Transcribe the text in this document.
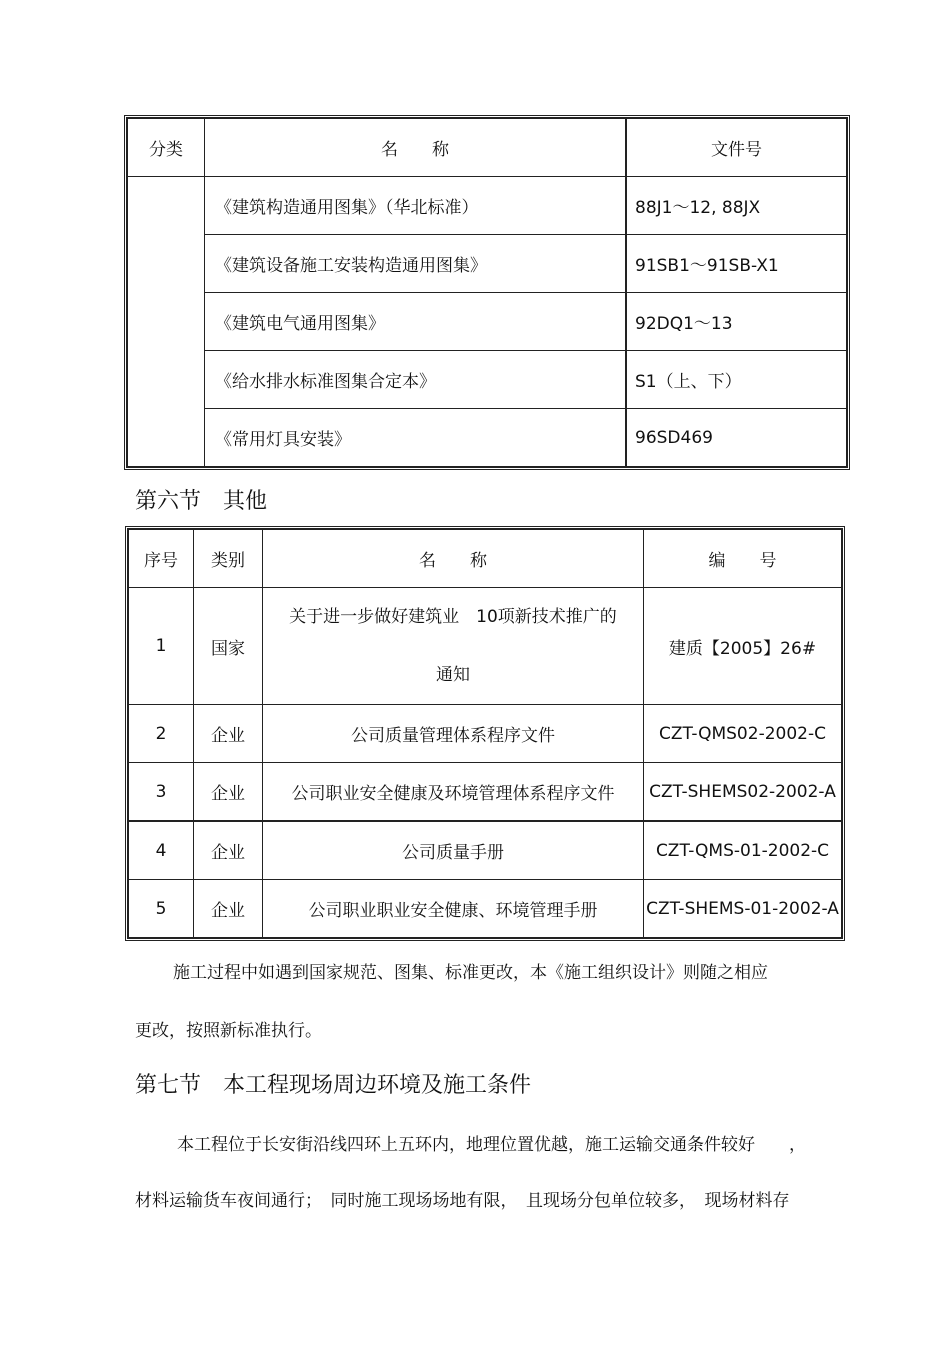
分类	名　　称	文件号
	《建筑构造通用图集》（华北标准）	88J1～12, 88JX
	《建筑设备施工安装构造通用图集》	91SB1～91SB-X1
	《建筑电气通用图集》	92DQ1～13
	《给水排水标准图集合定本》	S1（上、下）
	《常用灯具安装》	96SD469
第六节　其他
序号	类别	名　　称	编　　号
1	国家	关于进一步做好建筑业　10项新技术推广的
通知	建质【2005】26#
2	企业	公司质量管理体系程序文件	CZT-QMS02-2002-C
3	企业	公司职业安全健康及环境管理体系程序文件	CZT-SHEMS02-2002-A
4	企业	公司质量手册	CZT-QMS-01-2002-C
5	企业	公司职业职业安全健康、环境管理手册	CZT-SHEMS-01-2002-A
施工过程中如遇到国家规范、图集、标准更改，本《施工组织设计》则随之相应
更改，按照新标准执行。
第七节　本工程现场周边环境及施工条件
本工程位于长安街沿线四环上五环内，地理位置优越，施工运输交通条件较好　　，
材料运输货车夜间通行；　同时施工现场场地有限，　且现场分包单位较多，　现场材料存
